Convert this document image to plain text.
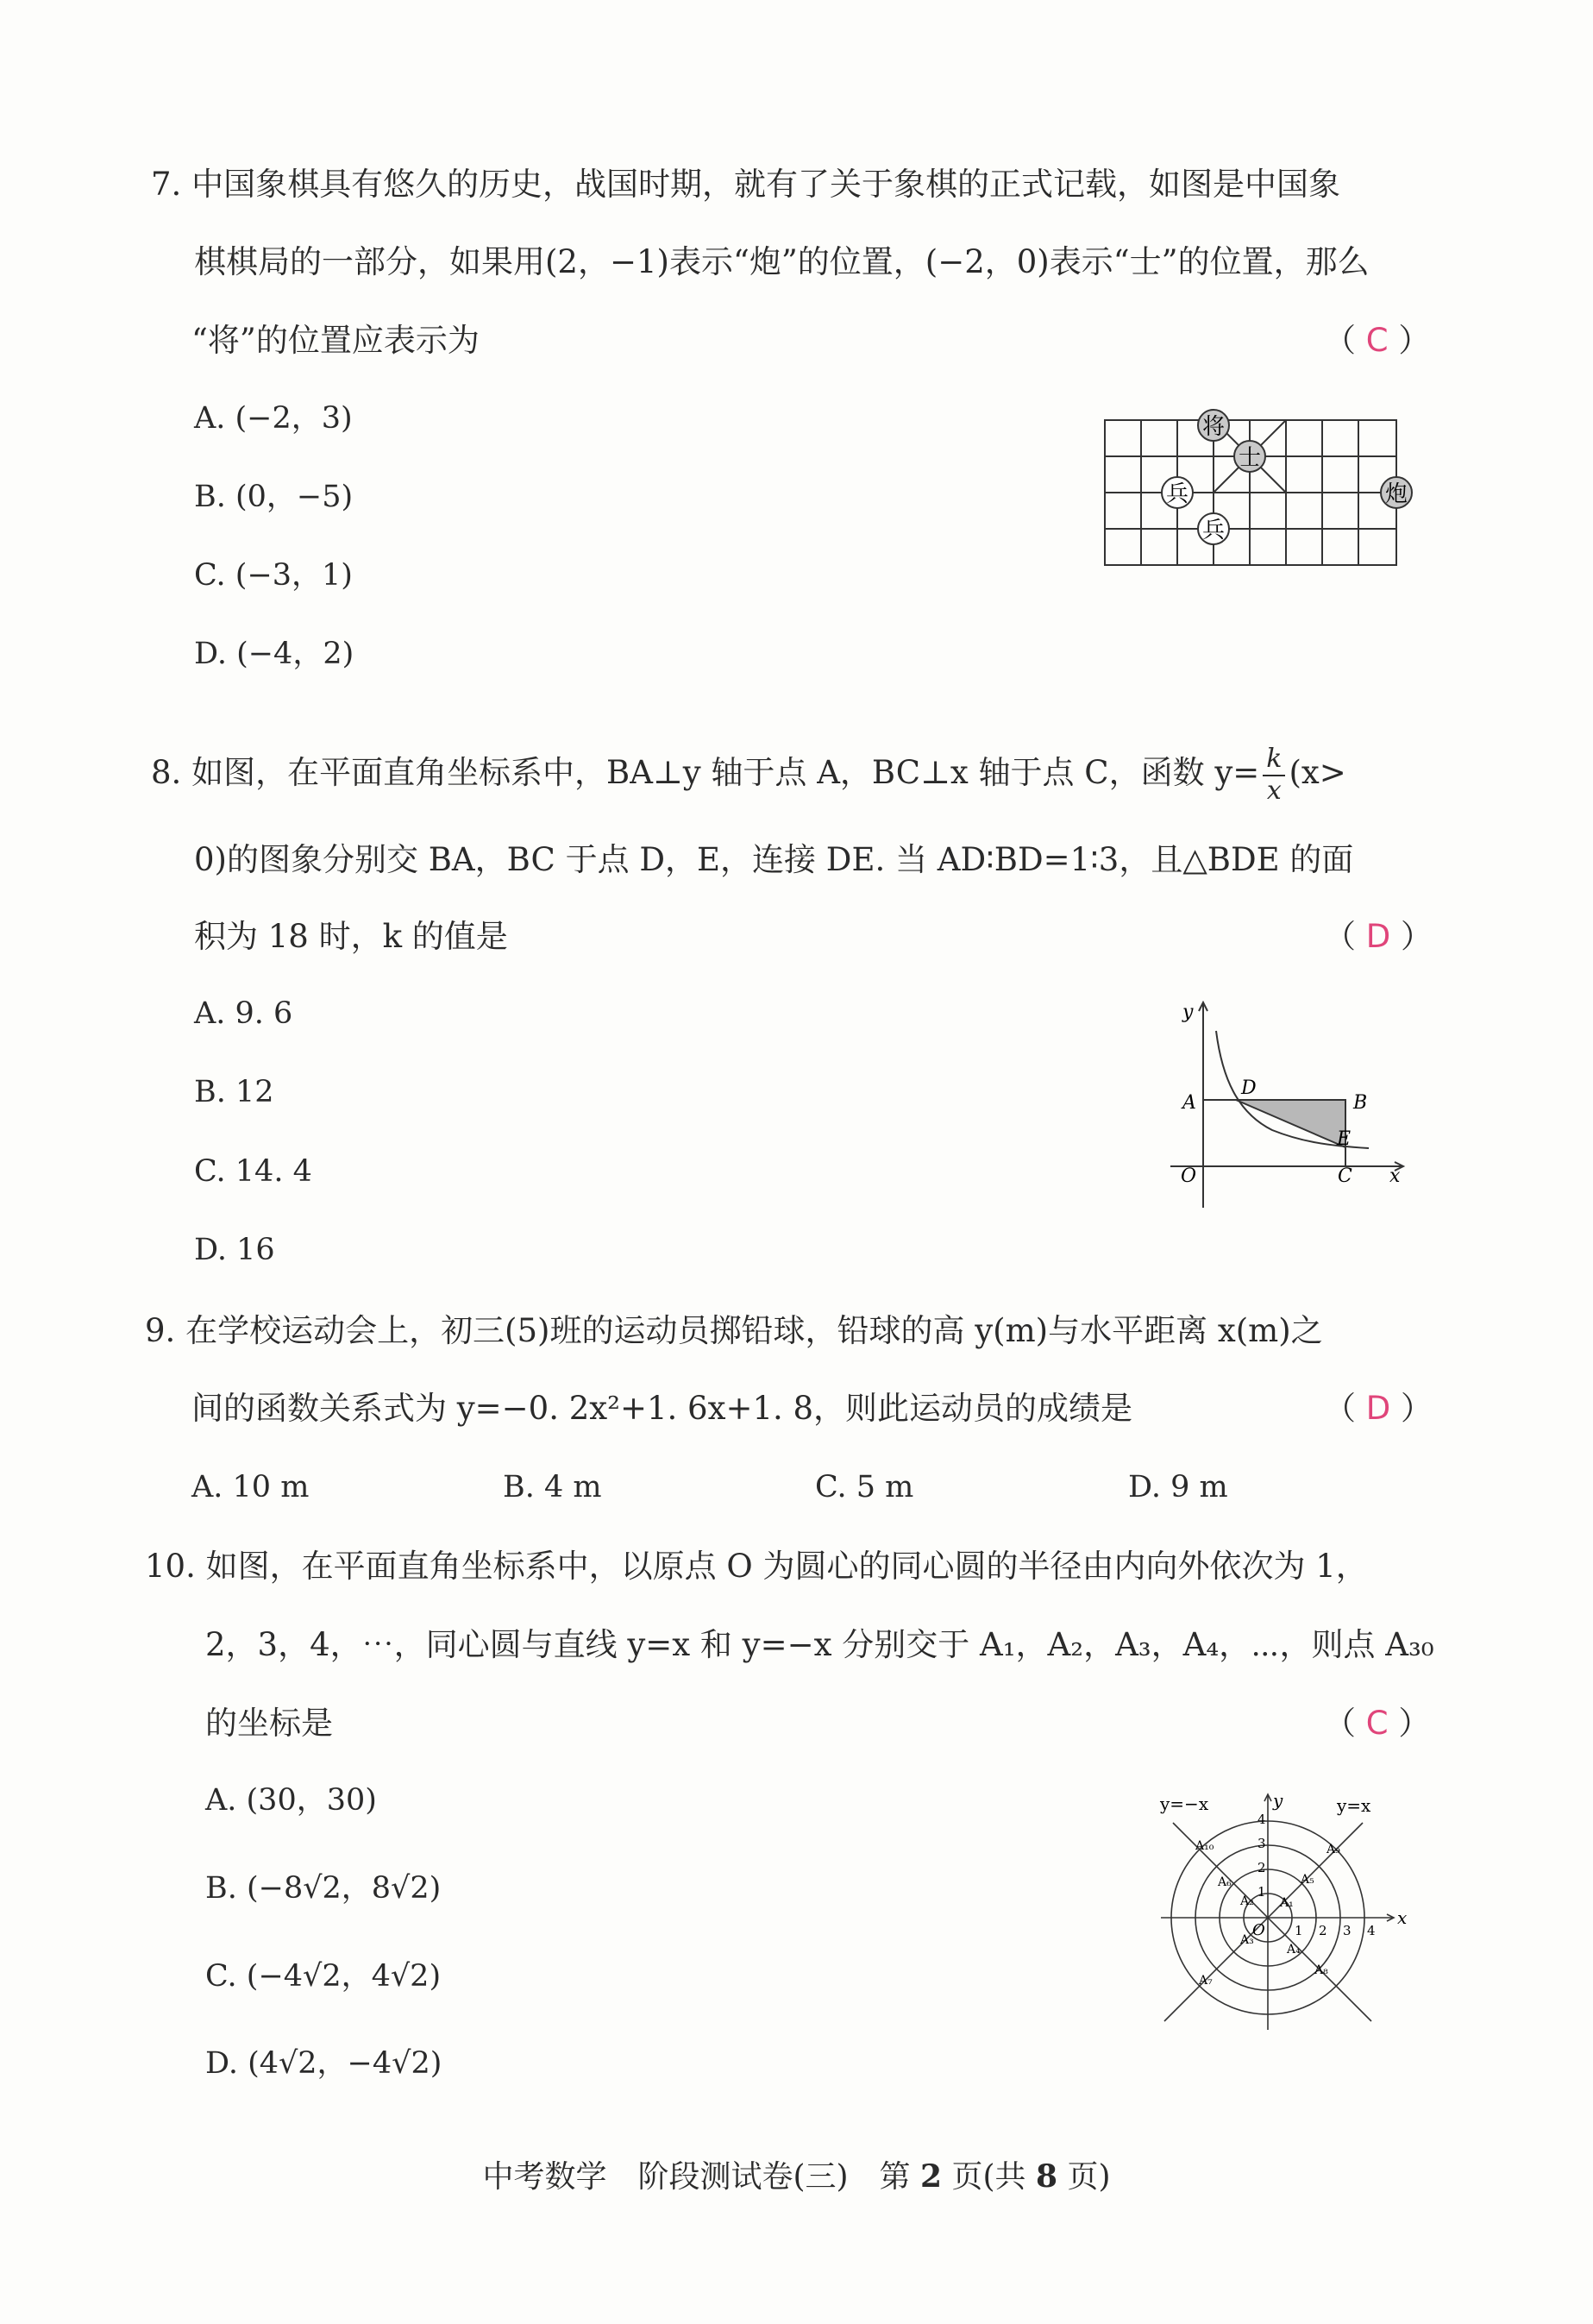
7. 中国象棋具有悠久的历史，战国时期，就有了关于象棋的正式记载，如图是中国象
棋棋局的一部分，如果用(2，−1)表示“炮”的位置，(−2，0)表示“士”的位置，那么
“将”的位置应表示为	（ C ）
A. (−2，3)
B. (0，−5)
C. (−3，1)
D. (−4，2)
将
士
兵
兵
炮
8. 如图，在平面直角坐标系中，BA⊥y 轴于点 A，BC⊥x 轴于点 C，函数 $y= \frac{k}{x} (x>$
0)的图象分别交 BA，BC 于点 D，E，连接 DE. 当 AD∶BD=1∶3，且△BDE 的面
积为 18 时，k 的值是	（ D ）
A. 9. 6
B. 12
C. 14. 4
D. 16
y
A
D
B
E
O	C x
9. 在学校运动会上，初三(5)班的运动员掷铅球，铅球的高 y(m)与水平距离 x(m)之
间的函数关系式为 y=−0. 2x²+1. 6x+1. 8，则此运动员的成绩是	（ D ）
A. 10 m	B. 4 m	C. 5 m	D. 9 m
10. 如图，在平面直角坐标系中，以原点 O 为圆心的同心圆的半径由内向外依次为 1，
2，3，4，⋯，同心圆与直线 y=x 和 y=−x 分别交于 A₁，A₂，A₃，A₄，⋯，则点 A₃₀
的坐标是	（ C ）
A. (30，30)
B. (−8√2，8√2)
C. (−4√2，4√2)
D. (4√2，−4√2)
y=−x	y=x
y
x
O 1 2 3 4
1
2
3
4
A₁
A₂
A₃
A₄
A₅
A₆
A₇
A₈
A₉
A₁₀
中考数学　阶段测试卷(三)　第 2 页(共 8 页)
